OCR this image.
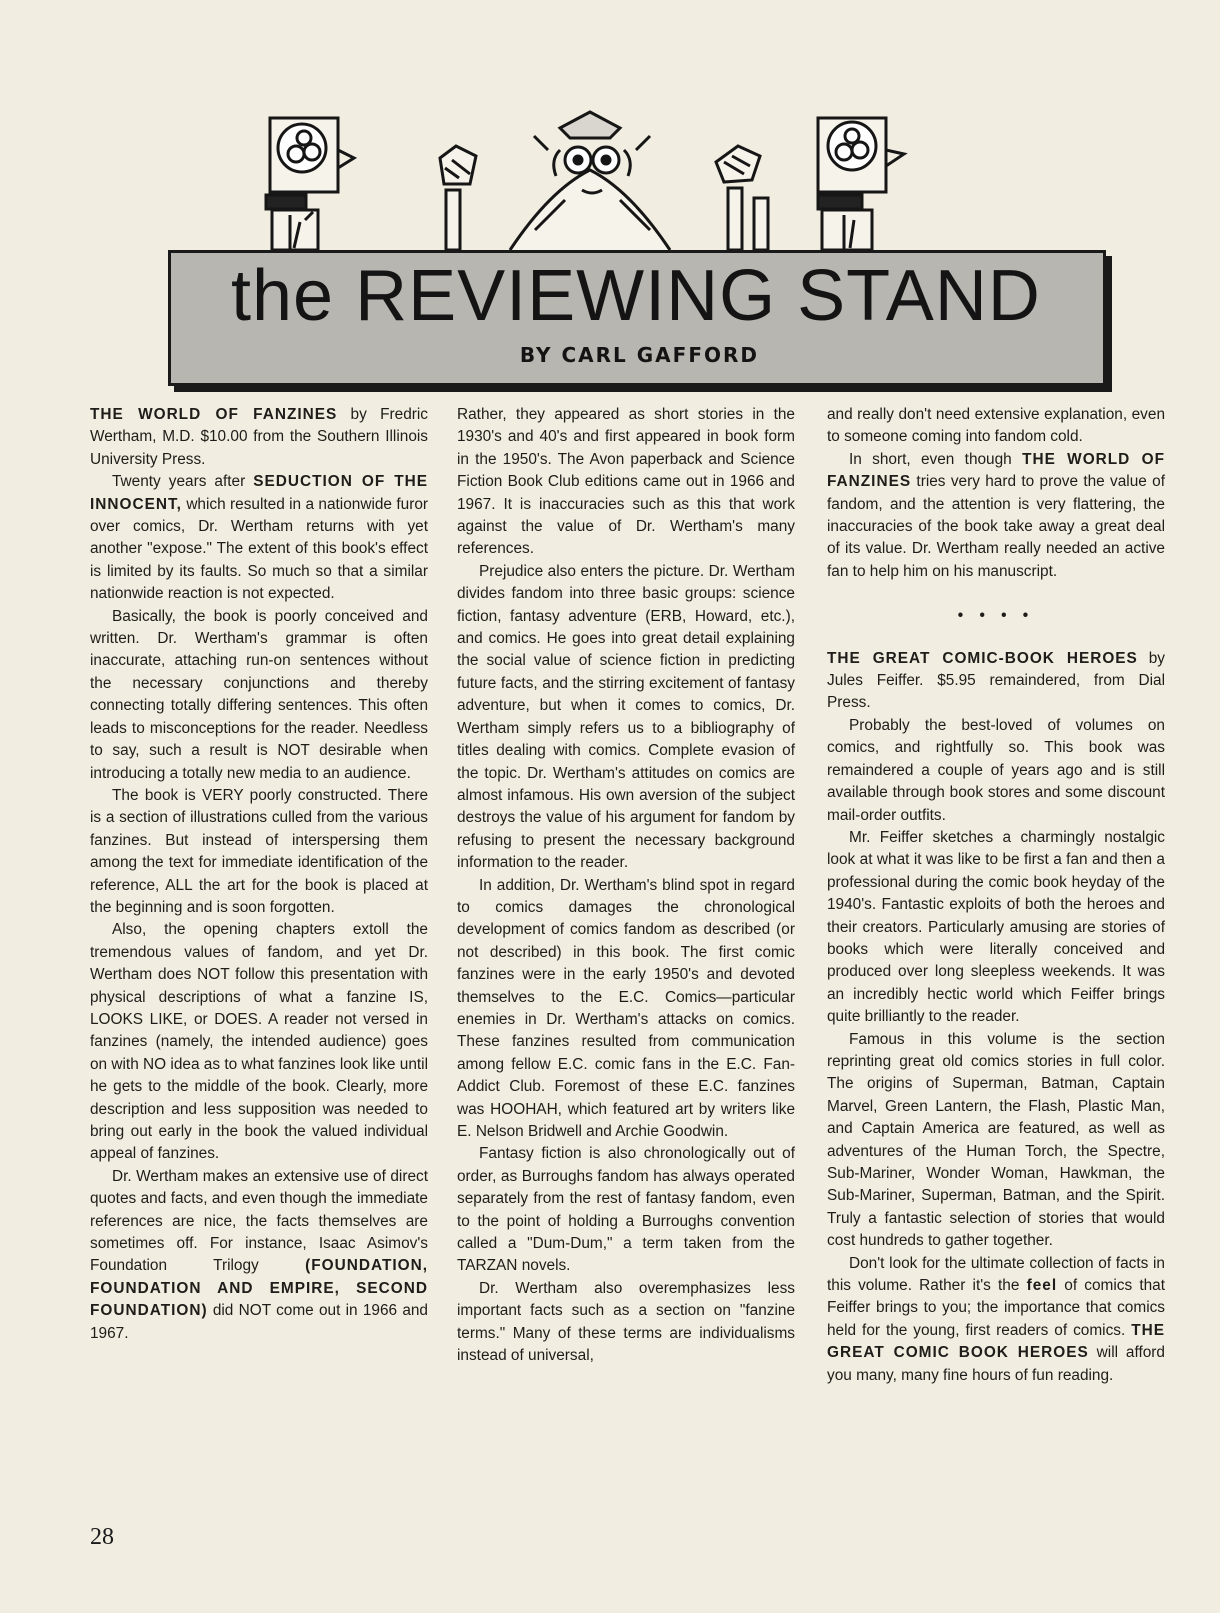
the REVIEWING STAND
BY CARL GAFFORD

THE WORLD OF FANZINES by Fredric Wertham, M.D. $10.00 from the Southern Illinois University Press.

Twenty years after SEDUCTION OF THE INNOCENT, which resulted in a nationwide furor over comics, Dr. Wertham returns with yet another "expose." The extent of this book's effect is limited by its faults. So much so that a similar nationwide reaction is not expected.

Basically, the book is poorly conceived and written. Dr. Wertham's grammar is often inaccurate, attaching run-on sentences without the necessary conjunctions and thereby connecting totally differing sentences. This often leads to misconceptions for the reader. Needless to say, such a result is NOT desirable when introducing a totally new media to an audience.

The book is VERY poorly constructed. There is a section of illustrations culled from the various fanzines. But instead of interspersing them among the text for immediate identification of the reference, ALL the art for the book is placed at the beginning and is soon forgotten.

Also, the opening chapters extoll the tremendous values of fandom, and yet Dr. Wertham does NOT follow this presentation with physical descriptions of what a fanzine IS, LOOKS LIKE, or DOES. A reader not versed in fanzines (namely, the intended audience) goes on with NO idea as to what fanzines look like until he gets to the middle of the book. Clearly, more description and less supposition was needed to bring out early in the book the valued individual appeal of fanzines.

Dr. Wertham makes an extensive use of direct quotes and facts, and even though the immediate references are nice, the facts themselves are sometimes off. For instance, Isaac Asimov's Foundation Trilogy (FOUNDATION, FOUNDATION AND EMPIRE, SECOND FOUNDATION) did NOT come out in 1966 and 1967.

Rather, they appeared as short stories in the 1930's and 40's and first appeared in book form in the 1950's. The Avon paperback and Science Fiction Book Club editions came out in 1966 and 1967. It is inaccuracies such as this that work against the value of Dr. Wertham's many references.

Prejudice also enters the picture. Dr. Wertham divides fandom into three basic groups: science fiction, fantasy adventure (ERB, Howard, etc.), and comics. He goes into great detail explaining the social value of science fiction in predicting future facts, and the stirring excitement of fantasy adventure, but when it comes to comics, Dr. Wertham simply refers us to a bibliography of titles dealing with comics. Complete evasion of the topic. Dr. Wertham's attitudes on comics are almost infamous. His own aversion of the subject destroys the value of his argument for fandom by refusing to present the necessary background information to the reader.

In addition, Dr. Wertham's blind spot in regard to comics damages the chronological development of comics fandom as described (or not described) in this book. The first comic fanzines were in the early 1950's and devoted themselves to the E.C. Comics—particular enemies in Dr. Wertham's attacks on comics. These fanzines resulted from communication among fellow E.C. comic fans in the E.C. Fan-Addict Club. Foremost of these E.C. fanzines was HOOHAH, which featured art by writers like E. Nelson Bridwell and Archie Goodwin.

Fantasy fiction is also chronologically out of order, as Burroughs fandom has always operated separately from the rest of fantasy fandom, even to the point of holding a Burroughs convention called a "Dum-Dum," a term taken from the TARZAN novels.

Dr. Wertham also overemphasizes less important facts such as a section on "fanzine terms." Many of these terms are individualisms instead of universal,

and really don't need extensive explanation, even to someone coming into fandom cold.

In short, even though THE WORLD OF FANZINES tries very hard to prove the value of fandom, and the attention is very flattering, the inaccuracies of the book take away a great deal of its value. Dr. Wertham really needed an active fan to help him on his manuscript.

• • • •

THE GREAT COMIC-BOOK HEROES by Jules Feiffer. $5.95 remaindered, from Dial Press.

Probably the best-loved of volumes on comics, and rightfully so. This book was remaindered a couple of years ago and is still available through book stores and some discount mail-order outfits.

Mr. Feiffer sketches a charmingly nostalgic look at what it was like to be first a fan and then a professional during the comic book heyday of the 1940's. Fantastic exploits of both the heroes and their creators. Particularly amusing are stories of books which were literally conceived and produced over long sleepless weekends. It was an incredibly hectic world which Feiffer brings quite brilliantly to the reader.

Famous in this volume is the section reprinting great old comics stories in full color. The origins of Superman, Batman, Captain Marvel, Green Lantern, the Flash, Plastic Man, and Captain America are featured, as well as adventures of the Human Torch, the Spectre, Sub-Mariner, Wonder Woman, Hawkman, the Sub-Mariner, Superman, Batman, and the Spirit. Truly a fantastic selection of stories that would cost hundreds to gather together.

Don't look for the ultimate collection of facts in this volume. Rather it's the feel of comics that Feiffer brings to you; the importance that comics held for the young, first readers of comics. THE GREAT COMIC BOOK HEROES will afford you many, many fine hours of fun reading.

28
